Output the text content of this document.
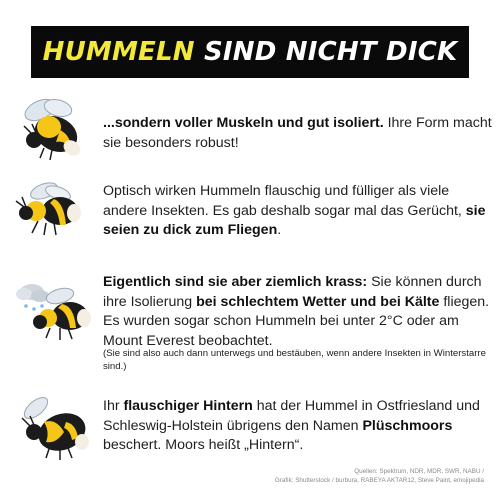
HUMMELN SIND NICHT DICK
...sondern voller Muskeln und gut isoliert. Ihre Form macht sie besonders robust!
Optisch wirken Hummeln flauschig und fülliger als viele andere Insekten. Es gab deshalb sogar mal das Gerücht, sie seien zu dick zum Fliegen.
Eigentlich sind sie aber ziemlich krass: Sie können durch ihre Isolierung bei schlechtem Wetter und bei Kälte fliegen. Es wurden sogar schon Hummeln bei unter 2°C oder am Mount Everest beobachtet.
(Sie sind also auch dann unterwegs und bestäuben, wenn andere Insekten in Winterstarre sind.)
Ihr flauschiger Hintern hat der Hummel in Ostfriesland und Schleswig-Holstein übrigens den Namen Plüschmoors beschert. Moors heißt „Hintern“.
Quellen: Spektrum, NDR, MDR, SWR, NABU /
Grafik: Shutterstock / burbura, RABEYA AKTAR12, Steve Paint, emojipedia
